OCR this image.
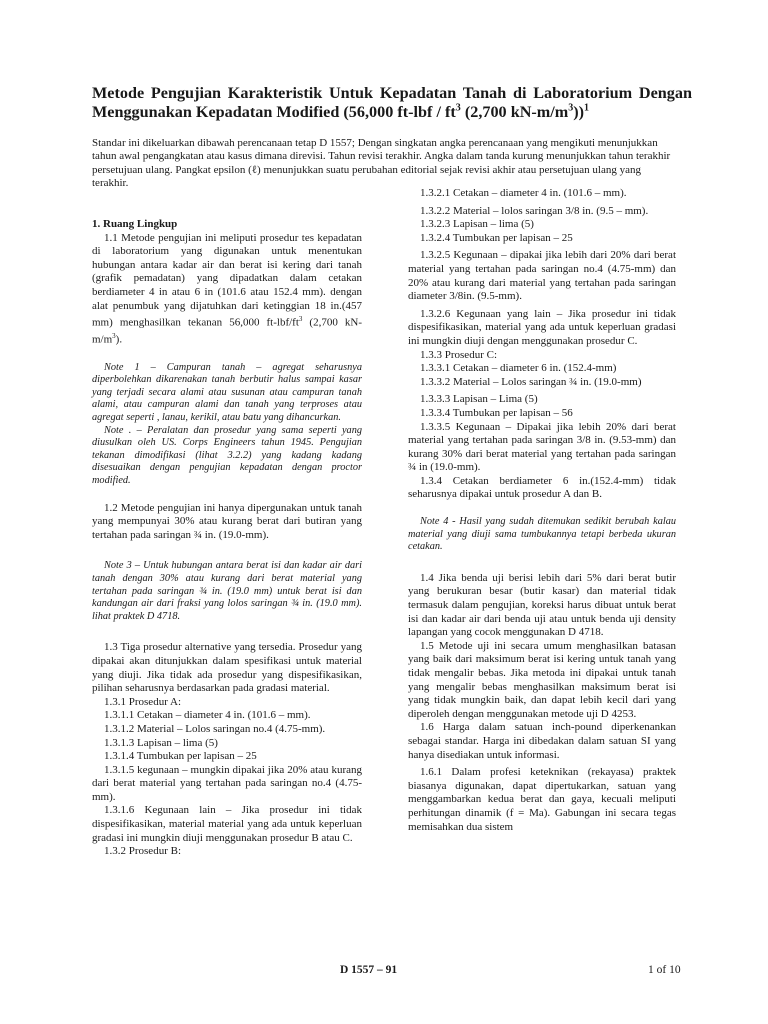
Metode Pengujian Karakteristik Untuk Kepadatan Tanah di Laboratorium Dengan Menggunakan Kepadatan Modified (56,000 $ft-lbf / ft^3$ (2,700 $kN-m/m^3))^1$

Standar ini dikeluarkan dibawah perencanaan tetap D 1557; Dengan singkatan angka perencanaan yang mengikuti menunjukkan tahun awal pengangkatan atau kasus dimana direvisi. Tahun revisi terakhir. Angka dalam tanda kurung menunjukkan tahun terakhir persetujuan ulang. Pangkat epsilon (ℓ) menunjukkan suatu perubahan editorial sejak revisi akhir atau persetujuan ulang yang terakhir.

1. Ruang Lingkup

1.1 Metode pengujian ini meliputi prosedur tes kepadatan di laboratorium yang digunakan untuk menentukan hubungan antara kadar air dan berat isi kering dari tanah (grafik pemadatan) yang dipadatkan dalam cetakan berdiameter 4 in atau 6 in (101.6 atau 152.4 mm). dengan alat penumbuk yang dijatuhkan dari ketinggian 18 in.(457 mm) menghasilkan tekanan 56,000 $ft-lbf/ft^3$ (2,700 $kN-m/m^3$).

Note 1 – Campuran tanah – agregat seharusnya diperbolehkan dikarenakan tanah berbutir halus sampai kasar yang terjadi secara alami atau susunan atau campuran tanah alami, atau campuran alami dan tanah yang terproses atau agregat seperti , lanau, kerikil, atau batu yang dihancurkan.

Note . – Peralatan dan prosedur yang sama seperti yang diusulkan oleh US. Corps Engineers tahun 1945. Pengujian tekanan dimodifikasi (lihat 3.2.2) yang kadang kadang disesuaikan dengan pengujian kepadatan dengan proctor modified.

1.2 Metode pengujian ini hanya dipergunakan untuk tanah yang mempunyai 30% atau kurang berat dari butiran yang tertahan pada saringan ¾ in. (19.0-mm).

Note 3 – Untuk hubungan antara berat isi dan kadar air dari tanah dengan 30% atau kurang dari berat material yang tertahan pada saringan ¾ in. (19.0 mm) untuk berat isi dan kandungan air dari fraksi yang lolos saringan ¾ in. (19.0 mm). lihat praktek D 4718.

1.3 Tiga prosedur alternative yang tersedia. Prosedur yang dipakai akan ditunjukkan dalam spesifikasi untuk material yang diuji. Jika tidak ada prosedur yang dispesifikasikan, pilihan seharusnya berdasarkan pada gradasi material.

1.3.1 Prosedur A:

1.3.1.1 Cetakan – diameter 4 in. (101.6 – mm).

1.3.1.2 Material – Lolos saringan no.4 (4.75-mm).

1.3.1.3 Lapisan – lima (5)

1.3.1.4 Tumbukan per lapisan – 25

1.3.1.5 kegunaan – mungkin dipakai jika 20% atau kurang dari berat material yang tertahan pada saringan no.4 (4.75-mm).

1.3.1.6 Kegunaan lain – Jika prosedur ini tidak dispesifikasikan, material material yang ada untuk keperluan gradasi ini mungkin diuji menggunakan prosedur B atau C.

1.3.2 Prosedur B:

1.3.2.1 Cetakan – diameter 4 in. (101.6 – mm).

1.3.2.2 Material – lolos saringan 3/8 in. (9.5 – mm).

1.3.2.3 Lapisan – lima (5)

1.3.2.4 Tumbukan per lapisan – 25

1.3.2.5 Kegunaan – dipakai jika lebih dari 20% dari berat material yang tertahan pada saringan no.4 (4.75-mm) dan 20% atau kurang dari material yang tertahan pada saringan diameter 3/8in. (9.5-mm).

1.3.2.6 Kegunaan yang lain – Jika prosedur ini tidak dispesifikasikan, material yang ada untuk keperluan gradasi ini mungkin diuji dengan menggunakan prosedur C.

1.3.3 Prosedur C:

1.3.3.1 Cetakan – diameter 6 in. (152.4-mm)

1.3.3.2 Material – Lolos saringan ¾ in. (19.0-mm)

1.3.3.3 Lapisan – Lima (5)

1.3.3.4 Tumbukan per lapisan – 56

1.3.3.5 Kegunaan – Dipakai jika lebih 20% dari berat material yang tertahan pada saringan 3/8 in. (9.53-mm) dan kurang 30% dari berat material yang tertahan pada saringan ¾ in (19.0-mm).

1.3.4 Cetakan berdiameter 6 in.(152.4-mm) tidak seharusnya dipakai untuk prosedur A dan B.

Note 4 - Hasil yang sudah ditemukan sedikit berubah kalau material yang diuji sama tumbukannya tetapi berbeda ukuran cetakan.

1.4 Jika benda uji berisi lebih dari 5% dari berat butir yang berukuran besar (butir kasar) dan material tidak termasuk dalam pengujian, koreksi harus dibuat untuk berat isi dan kadar air dari benda uji atau untuk benda uji density lapangan yang cocok menggunakan D 4718.

1.5 Metode uji ini secara umum menghasilkan batasan yang baik dari maksimum berat isi kering untuk tanah yang tidak mengalir bebas. Jika metoda ini dipakai untuk tanah yang mengalir bebas menghasilkan maksimum berat isi yang tidak mungkin baik, dan dapat lebih kecil dari yang diperoleh dengan menggunakan metode uji D 4253.

1.6 Harga dalam satuan inch-pound diperkenankan sebagai standar. Harga ini dibedakan dalam satuan SI yang hanya disediakan untuk informasi.

1.6.1 Dalam profesi keteknikan (rekayasa) praktek biasanya digunakan, dapat dipertukarkan, satuan yang menggambarkan kedua berat dan gaya, kecuali meliputi perhitungan dinamik (f = Ma). Gabungan ini secara tegas memisahkan dua sistem

D 1557 – 91	1 of 10
